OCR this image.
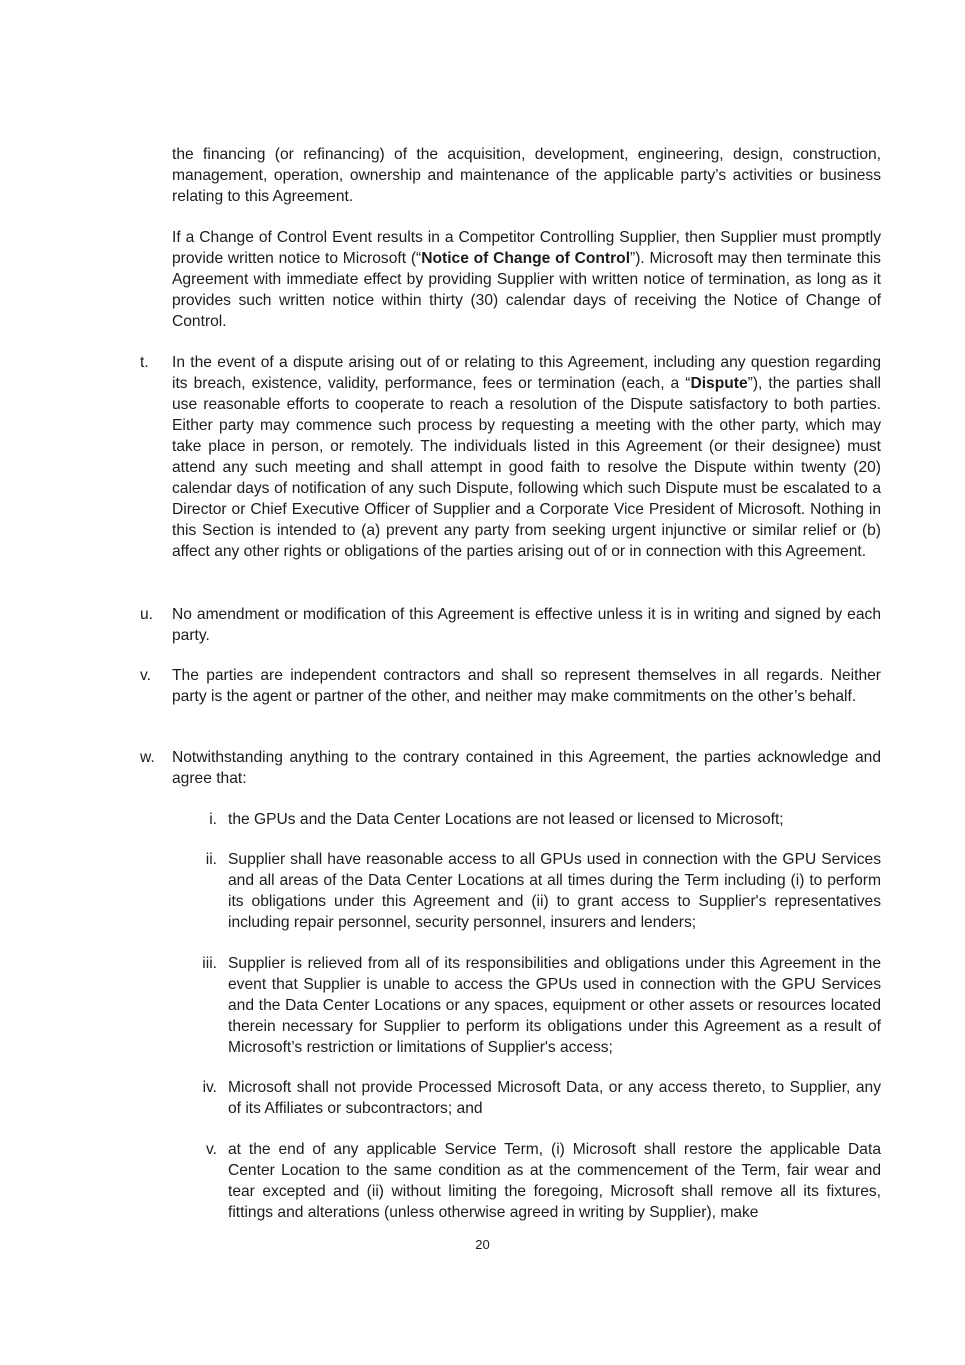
the financing (or refinancing) of the acquisition, development, engineering, design, construction, management, operation, ownership and maintenance of the applicable party’s activities or business relating to this Agreement.

If a Change of Control Event results in a Competitor Controlling Supplier, then Supplier must promptly provide written notice to Microsoft (“Notice of Change of Control”). Microsoft may then terminate this Agreement with immediate effect by providing Supplier with written notice of termination, as long as it provides such written notice within thirty (30) calendar days of receiving the Notice of Change of Control.

t. In the event of a dispute arising out of or relating to this Agreement, including any question regarding its breach, existence, validity, performance, fees or termination (each, a “Dispute”), the parties shall use reasonable efforts to cooperate to reach a resolution of the Dispute satisfactory to both parties. Either party may commence such process by requesting a meeting with the other party, which may take place in person, or remotely. The individuals listed in this Agreement (or their designee) must attend any such meeting and shall attempt in good faith to resolve the Dispute within twenty (20) calendar days of notification of any such Dispute, following which such Dispute must be escalated to a Director or Chief Executive Officer of Supplier and a Corporate Vice President of Microsoft. Nothing in this Section is intended to (a) prevent any party from seeking urgent injunctive or similar relief or (b) affect any other rights or obligations of the parties arising out of or in connection with this Agreement.
u. No amendment or modification of this Agreement is effective unless it is in writing and signed by each party.
v. The parties are independent contractors and shall so represent themselves in all regards. Neither party is the agent or partner of the other, and neither may make commitments on the other’s behalf.
w. Notwithstanding anything to the contrary contained in this Agreement, the parties acknowledge and agree that:
i. the GPUs and the Data Center Locations are not leased or licensed to Microsoft;
ii. Supplier shall have reasonable access to all GPUs used in connection with the GPU Services and all areas of the Data Center Locations at all times during the Term including (i) to perform its obligations under this Agreement and (ii) to grant access to Supplier's representatives including repair personnel, security personnel, insurers and lenders;
iii. Supplier is relieved from all of its responsibilities and obligations under this Agreement in the event that Supplier is unable to access the GPUs used in connection with the GPU Services and the Data Center Locations or any spaces, equipment or other assets or resources located therein necessary for Supplier to perform its obligations under this Agreement as a result of Microsoft’s restriction or limitations of Supplier's access;
iv. Microsoft shall not provide Processed Microsoft Data, or any access thereto, to Supplier, any of its Affiliates or subcontractors; and
v. at the end of any applicable Service Term, (i) Microsoft shall restore the applicable Data Center Location to the same condition as at the commencement of the Term, fair wear and tear excepted and (ii) without limiting the foregoing, Microsoft shall remove all its fixtures, fittings and alterations (unless otherwise agreed in writing by Supplier), make
20
